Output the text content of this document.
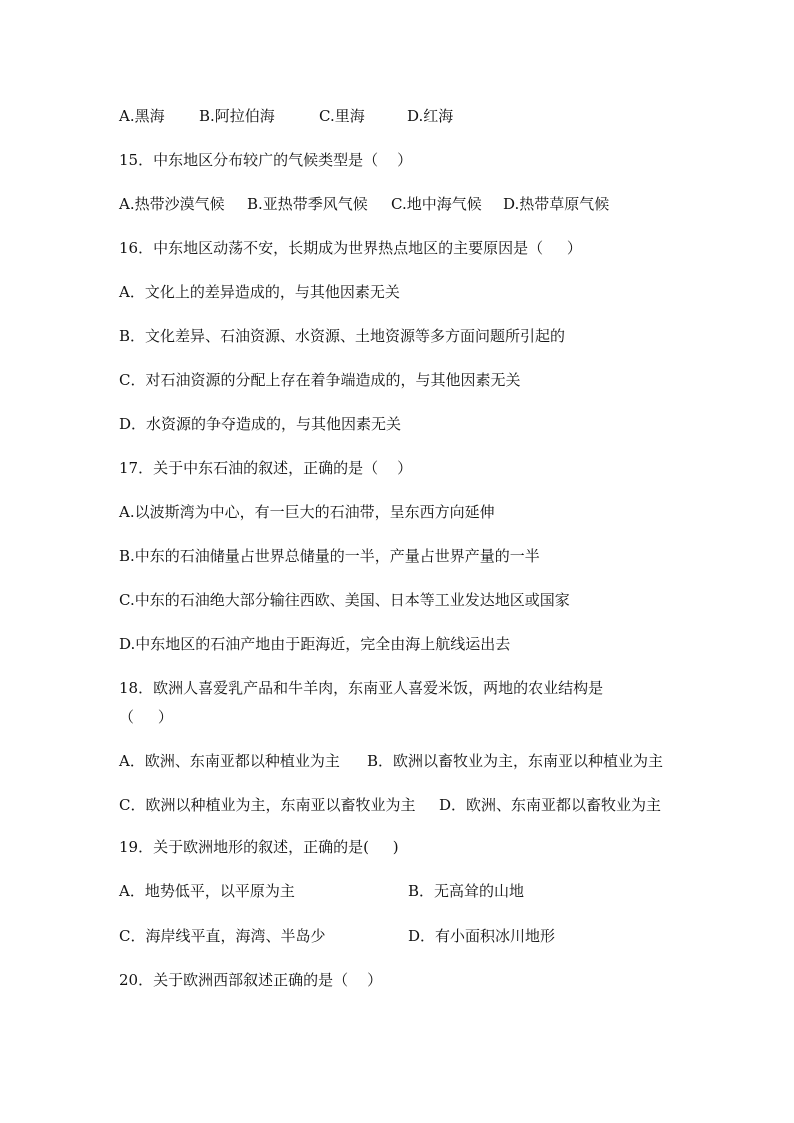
A.黑海 B.阿拉伯海	C.里海	D.红海
15．中东地区分布较广的气候类型是（    ）
A.热带沙漠气候 B.亚热带季风气候 C.地中海气候 D.热带草原气候
16．中东地区动荡不安，长期成为世界热点地区的主要原因是（     ）
A．文化上的差异造成的，与其他因素无关
B．文化差异、石油资源、水资源、土地资源等多方面问题所引起的
C．对石油资源的分配上存在着争端造成的，与其他因素无关
D．水资源的争夺造成的，与其他因素无关
17．关于中东石油的叙述，正确的是（    ）
A.以波斯湾为中心，有一巨大的石油带，呈东西方向延伸
B.中东的石油储量占世界总储量的一半，产量占世界产量的一半
C.中东的石油绝大部分输往西欧、美国、日本等工业发达地区或国家
D.中东地区的石油产地由于距海近，完全由海上航线运出去
18．欧洲人喜爱乳产品和牛羊肉，东南亚人喜爱米饭，两地的农业结构是
（     ）
A．欧洲、东南亚都以种植业为主 B．欧洲以畜牧业为主，东南亚以种植业为主
C．欧洲以种植业为主，东南亚以畜牧业为主 D．欧洲、东南亚都以畜牧业为主
19．关于欧洲地形的叙述，正确的是(     )
A．地势低平，以平原为主	B．无高耸的山地
C．海岸线平直，海湾、半岛少	D．有小面积冰川地形
20．关于欧洲西部叙述正确的是（    ）
